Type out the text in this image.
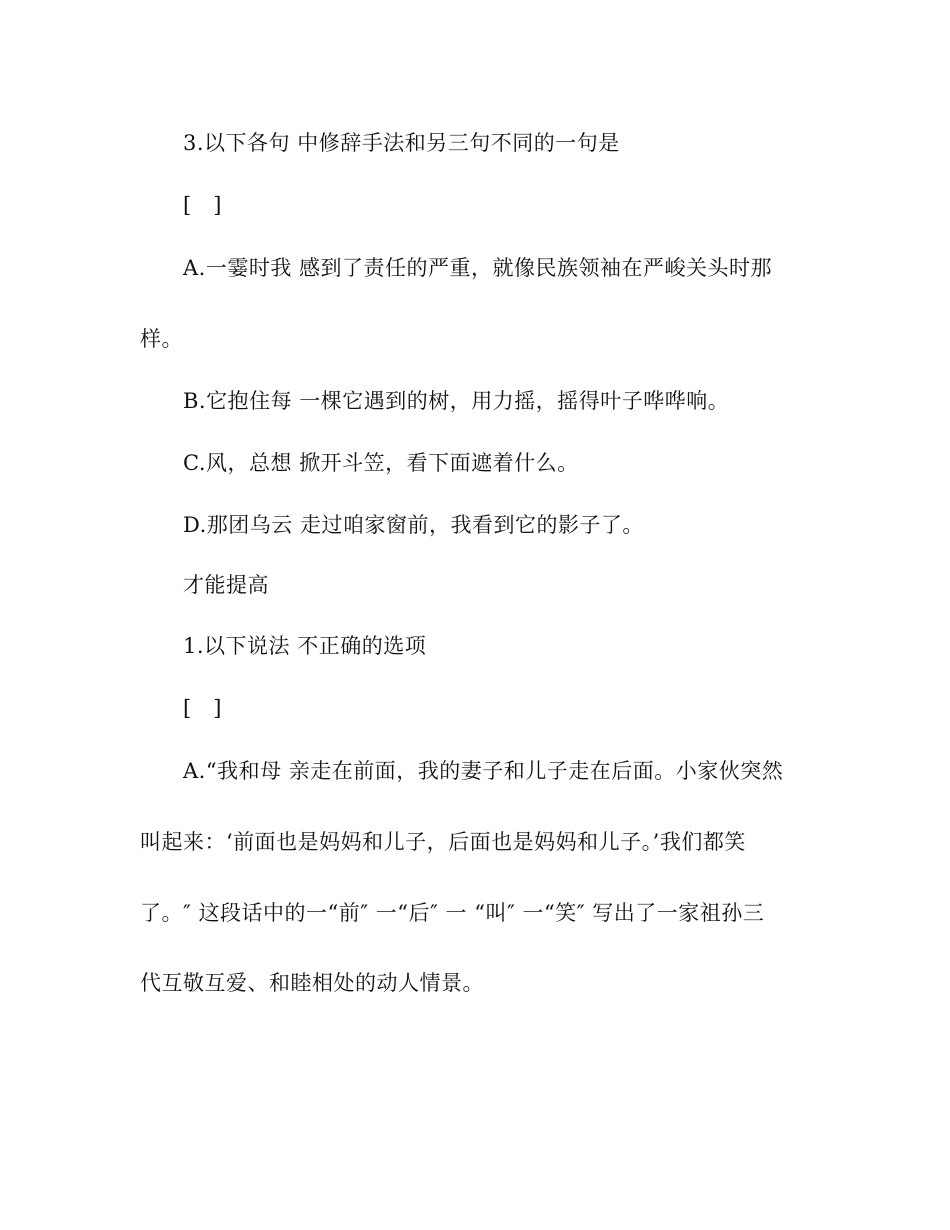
3.以下各句 中修辞手法和另三句不同的一句是
[　]
A.一霎时我 感到了责任的严重，就像民族领袖在严峻关头时那
样。
B.它抱住每 一棵它遇到的树，用力摇，摇得叶子哗哗响。
C.风，总想 掀开斗笠，看下面遮着什么。
D.那团乌云 走过咱家窗前，我看到它的影子了。
才能提高
1.以下说法 不正确的选项
[　]
A.“我和母 亲走在前面，我的妻子和儿子走在后面。小家伙突然
叫起来：‘前面也是妈妈和儿子，后面也是妈妈和儿子。’我们都笑
了。″ 这段话中的一“前″ 一“后″ 一 “叫″ 一“笑″ 写出了一家祖孙三
代互敬互爱、和睦相处的动人情景。
